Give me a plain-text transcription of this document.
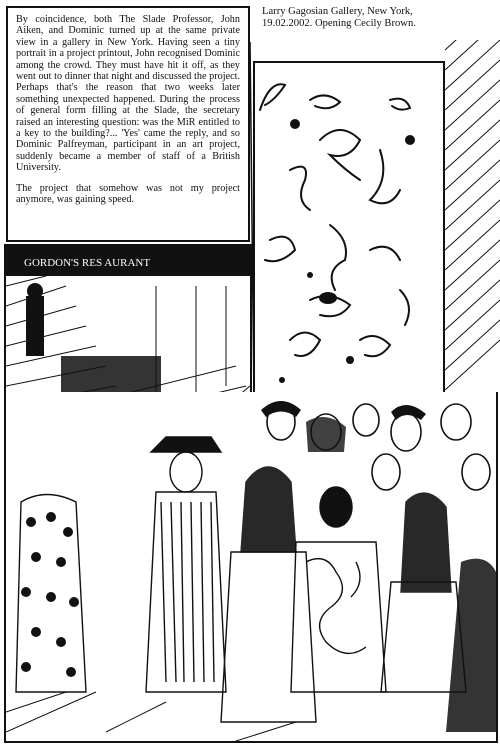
By coincidence, both The Slade Professor, John Aiken, and Dominic turned up at the same private view in a gallery in New York. Having seen a tiny portrait in a project printout, John recognised Dominic among the crowd. They must have hit it off, as they went out to dinner that night and discussed the project. Perhaps that's the reason that two weeks later something unexpected happened. During the process of general form filling at the Slade, the secretary raised an interesting question: was the MiR entitled to a key to the building?... 'Yes' came the reply, and so Dominic Palfreyman, participant in an art project, suddenly became a member of staff of a British University.

The project that somehow was not my project anymore, was gaining speed.

Larry Gagosian Gallery, New York,
19.02.2002. Opening Cecily Brown.
GORDON'S RES AURANT
